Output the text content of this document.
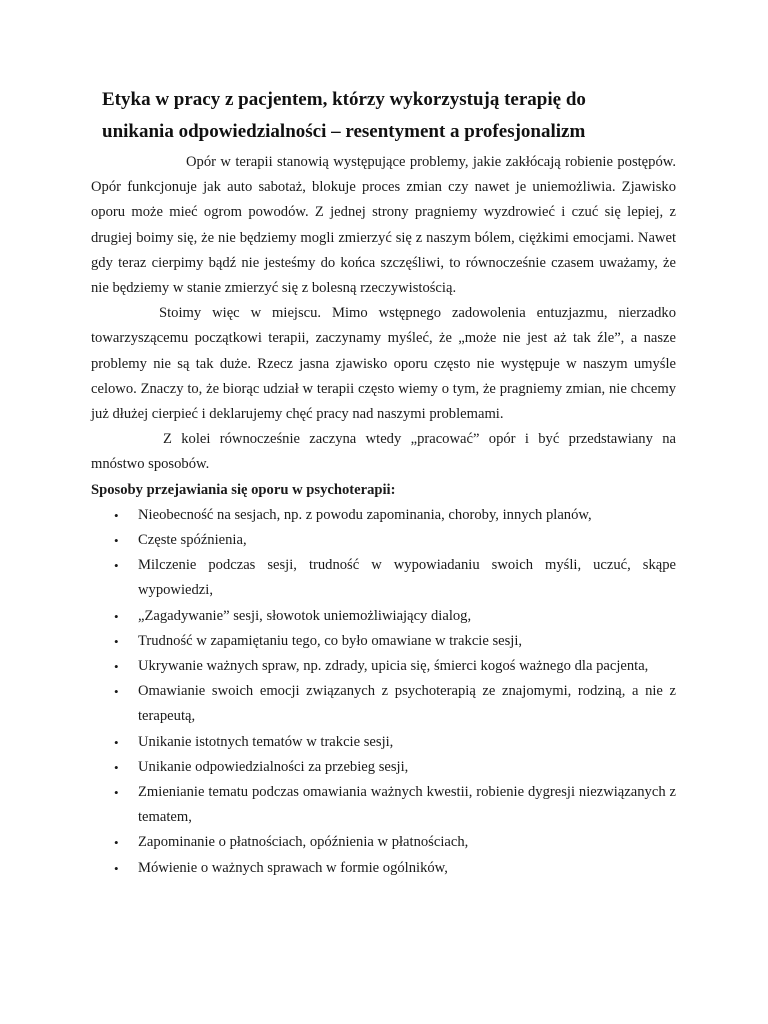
Etyka w pracy z pacjentem, którzy wykorzystują terapię do
unikania odpowiedzialności – resentyment a profesjonalizm

Opór w terapii stanowią występujące problemy, jakie zakłócają robienie postępów. Opór funkcjonuje jak auto sabotaż, blokuje proces zmian czy nawet je uniemożliwia. Zjawisko oporu może mieć ogrom powodów. Z jednej strony pragniemy wyzdrowieć i czuć się lepiej, z drugiej boimy się, że nie będziemy mogli zmierzyć się z naszym bólem, ciężkimi emocjami. Nawet gdy teraz cierpimy bądź nie jesteśmy do końca szczęśliwi, to równocześnie czasem uważamy, że nie będziemy w stanie zmierzyć się z bolesną rzeczywistością.

Stoimy więc w miejscu. Mimo wstępnego zadowolenia entuzjazmu, nierzadko towarzyszącemu początkowi terapii, zaczynamy myśleć, że „może nie jest aż tak źle”, a nasze problemy nie są tak duże. Rzecz jasna zjawisko oporu często nie występuje w naszym umyśle celowo. Znaczy to, że biorąc udział w terapii często wiemy o tym, że pragniemy zmian, nie chcemy już dłużej cierpieć i deklarujemy chęć pracy nad naszymi problemami.

Z kolei równocześnie zaczyna wtedy „pracować” opór i być przedstawiany na mnóstwo sposobów.

Sposoby przejawiania się oporu w psychoterapii:

• Nieobecność na sesjach, np. z powodu zapominania, choroby, innych planów,
• Częste spóźnienia,
• Milczenie podczas sesji, trudność w wypowiadaniu swoich myśli, uczuć, skąpe wypowiedzi,
• „Zagadywanie” sesji, słowotok uniemożliwiający dialog,
• Trudność w zapamiętaniu tego, co było omawiane w trakcie sesji,
• Ukrywanie ważnych spraw, np. zdrady, upicia się, śmierci kogoś ważnego dla pacjenta,
• Omawianie swoich emocji związanych z psychoterapią ze znajomymi, rodziną, a nie z terapeutą,
• Unikanie istotnych tematów w trakcie sesji,
• Unikanie odpowiedzialności za przebieg sesji,
• Zmienianie tematu podczas omawiania ważnych kwestii, robienie dygresji niezwiązanych z tematem,
• Zapominanie o płatnościach, opóźnienia w płatnościach,
• Mówienie o ważnych sprawach w formie ogólników,
